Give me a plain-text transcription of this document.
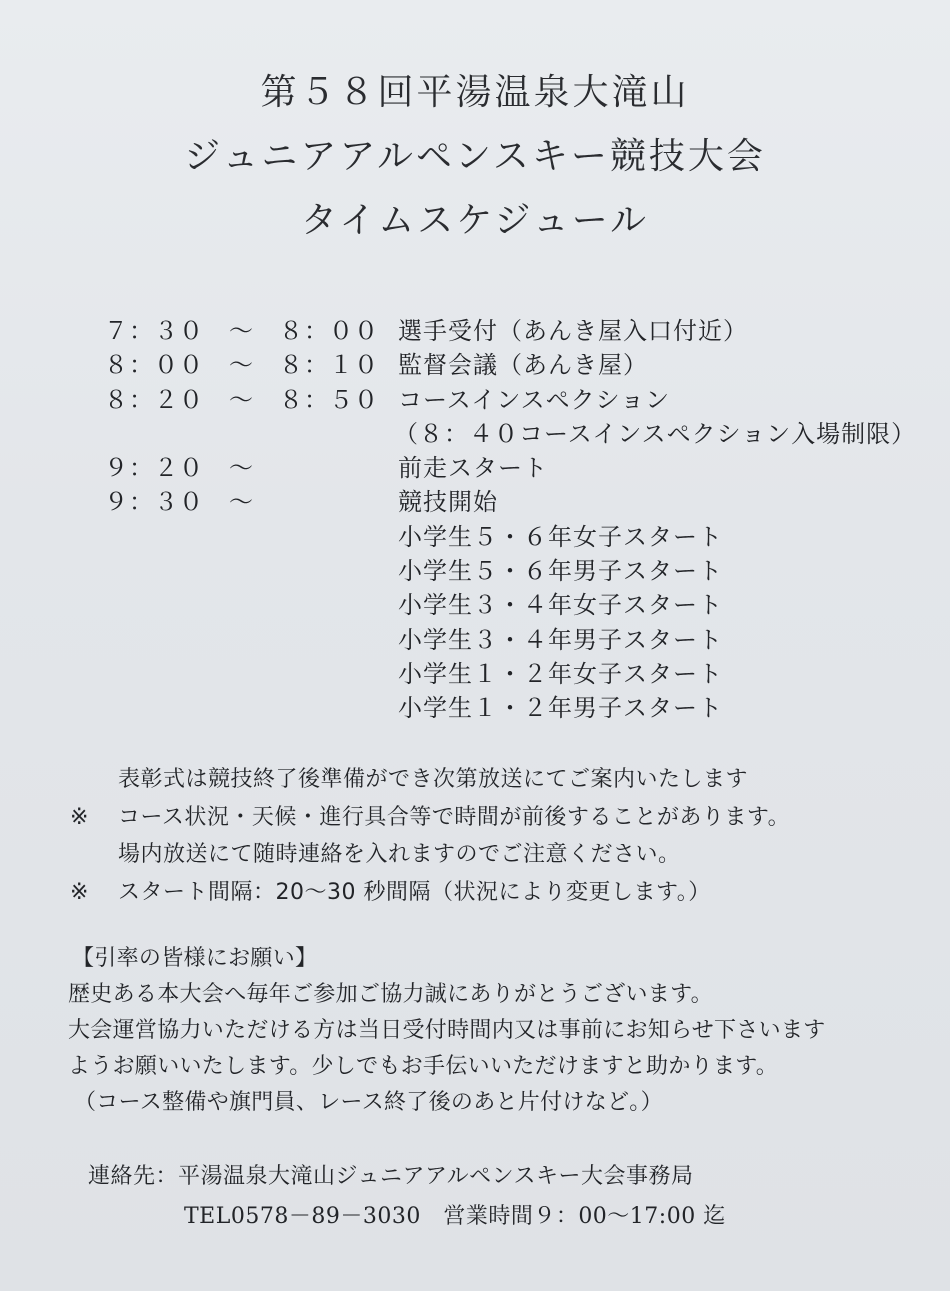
第５８回平湯温泉大滝山
ジュニアアルペンスキー競技大会
タイムスケジュール
７：３０　～　８：００ 選手受付（あんき屋入口付近）
８：００　～　８：１０ 監督会議（あんき屋）
８：２０　～　８：５０ コースインスペクション
（８：４０コースインスペクション入場制限）
９：２０　～	前走スタート
９：３０　～	競技開始
小学生５・６年女子スタート
小学生５・６年男子スタート
小学生３・４年女子スタート
小学生３・４年男子スタート
小学生１・２年女子スタート
小学生１・２年男子スタート
表彰式は競技終了後準備ができ次第放送にてご案内いたします
※ コース状況・天候・進行具合等で時間が前後することがあります。
場内放送にて随時連絡を入れますのでご注意ください。
※ スタート間隔：20～30 秒間隔（状況により変更します。）
【引率の皆様にお願い】
歴史ある本大会へ毎年ご参加ご協力誠にありがとうございます。
大会運営協力いただける方は当日受付時間内又は事前にお知らせ下さいます
ようお願いいたします。少しでもお手伝いいただけますと助かります。
（コース整備や旗門員、レース終了後のあと片付けなど。）
連絡先：平湯温泉大滝山ジュニアアルペンスキー大会事務局
TEL0578－89－3030　営業時間９：00～17:00 迄
